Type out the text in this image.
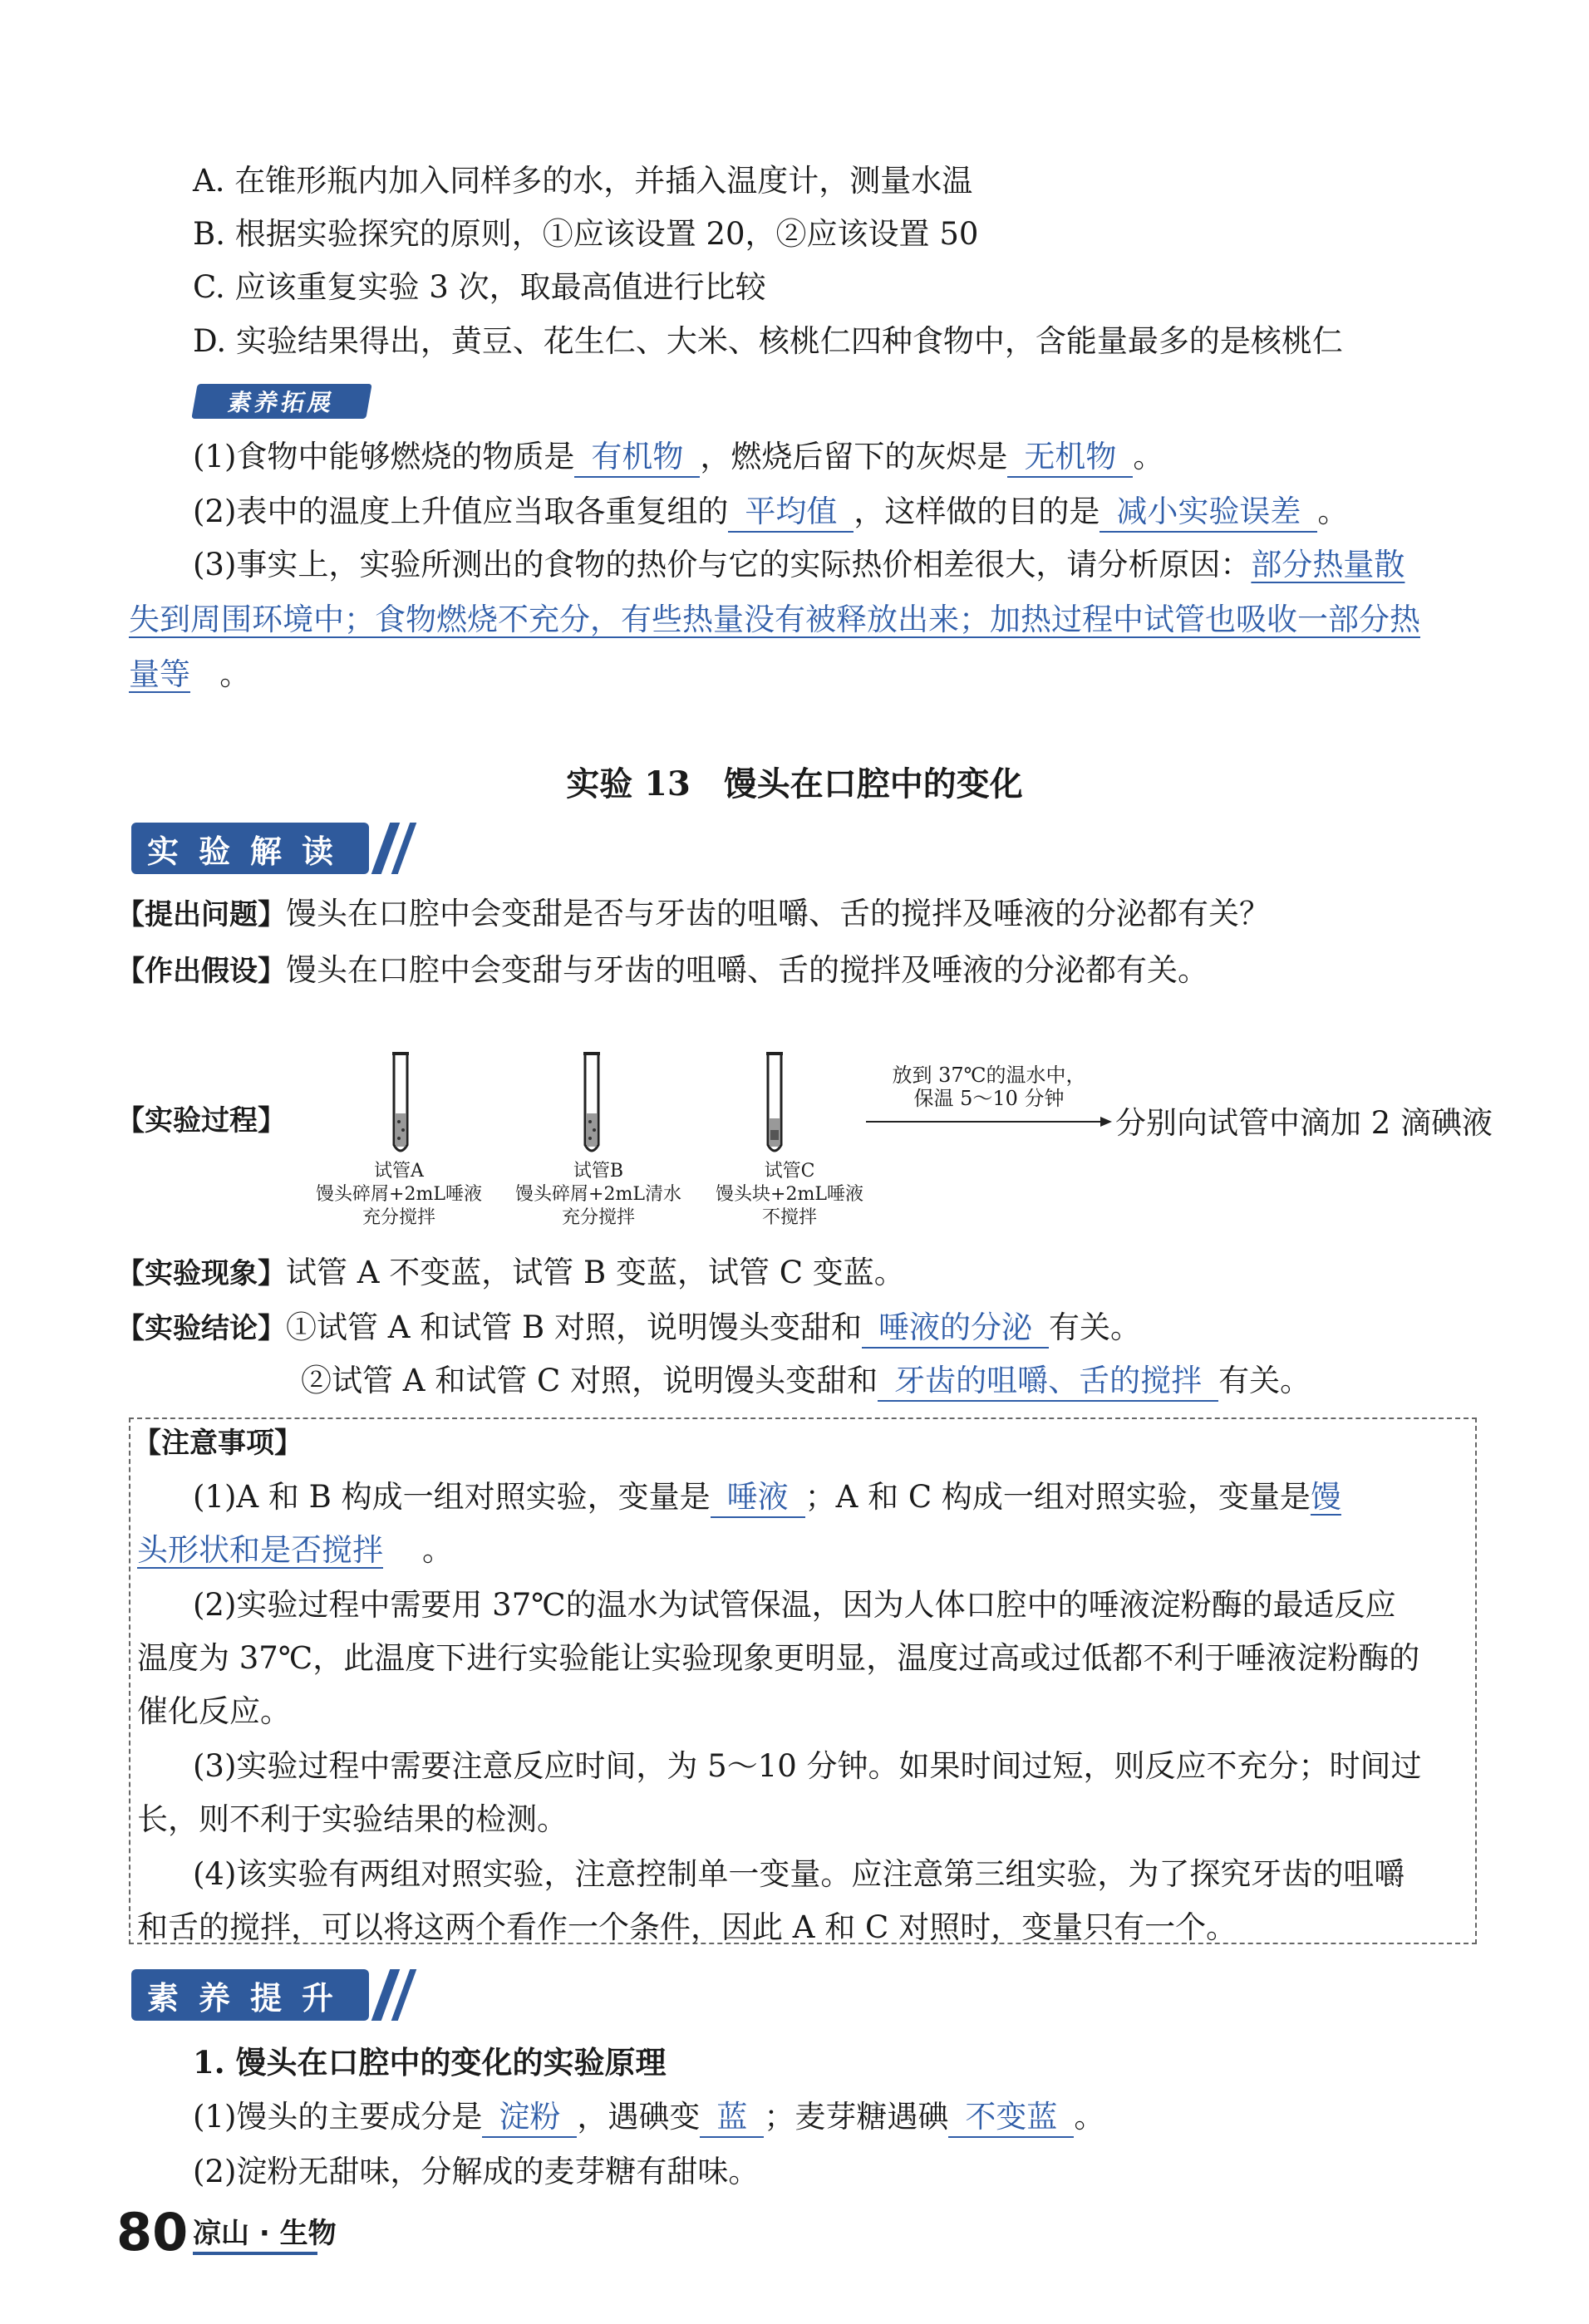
A. 在锥形瓶内加入同样多的水，并插入温度计，测量水温
B. 根据实验探究的原则，①应该设置 20，②应该设置 50
C. 应该重复实验 3 次，取最高值进行比较
D. 实验结果得出，黄豆、花生仁、大米、核桃仁四种食物中，含能量最多的是核桃仁
素养拓展
(1)食物中能够燃烧的物质是 有机物 ，燃烧后留下的灰烬是 无机物 。
(2)表中的温度上升值应当取各重复组的 平均值 ，这样做的目的是 减小实验误差 。
(3)事实上，实验所测出的食物的热价与它的实际热价相差很大，请分析原因：部分热量散
失到周围环境中；食物燃烧不充分，有些热量没有被释放出来；加热过程中试管也吸收一部分热
量等 。
实验 13　馒头在口腔中的变化
实验解读
【提出问题】馒头在口腔中会变甜是否与牙齿的咀嚼、舌的搅拌及唾液的分泌都有关？
【作出假设】馒头在口腔中会变甜与牙齿的咀嚼、舌的搅拌及唾液的分泌都有关。
【实验过程】
试管A
馒头碎屑+2mL唾液
充分搅拌
试管B
馒头碎屑+2mL清水
充分搅拌
试管C
馒头块+2mL唾液
不搅拌
放到 37℃的温水中，
保温 5～10 分钟
分别向试管中滴加 2 滴碘液
【实验现象】试管 A 不变蓝，试管 B 变蓝，试管 C 变蓝。
【实验结论】①试管 A 和试管 B 对照，说明馒头变甜和 唾液的分泌 有关。
②试管 A 和试管 C 对照，说明馒头变甜和 牙齿的咀嚼、舌的搅拌 有关。
【注意事项】
(1)A 和 B 构成一组对照实验，变量是 唾液 ；A 和 C 构成一组对照实验，变量是馒
头形状和是否搅拌 。
(2)实验过程中需要用 37℃的温水为试管保温，因为人体口腔中的唾液淀粉酶的最适反应
温度为 37℃，此温度下进行实验能让实验现象更明显，温度过高或过低都不利于唾液淀粉酶的
催化反应。
(3)实验过程中需要注意反应时间，为 5～10 分钟。如果时间过短，则反应不充分；时间过
长，则不利于实验结果的检测。
(4)该实验有两组对照实验，注意控制单一变量。应注意第三组实验，为了探究牙齿的咀嚼
和舌的搅拌，可以将这两个看作一个条件，因此 A 和 C 对照时，变量只有一个。
素养提升
1. 馒头在口腔中的变化的实验原理
(1)馒头的主要成分是 淀粉 ，遇碘变 蓝 ；麦芽糖遇碘 不变蓝 。
(2)淀粉无甜味，分解成的麦芽糖有甜味。
80 凉山 · 生物
